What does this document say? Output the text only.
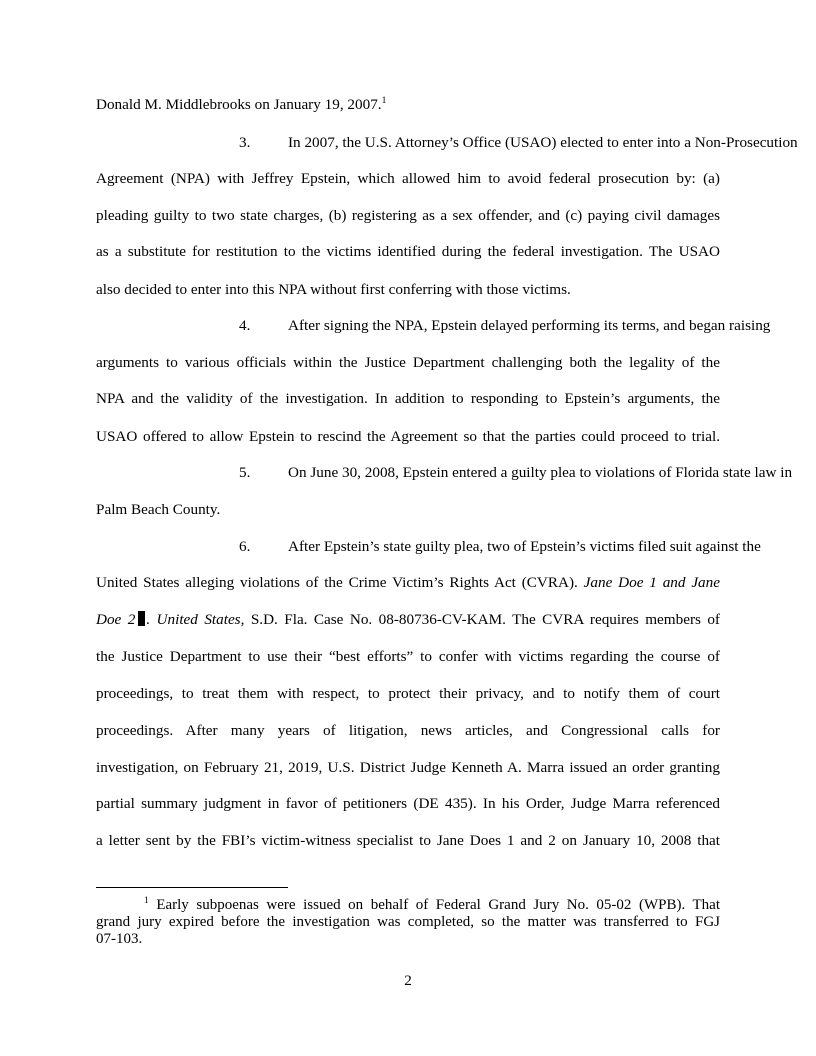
Donald M. Middlebrooks on January 19, 2007.$^1$
3.	In 2007, the U.S. Attorney’s Office (USAO) elected to enter into a Non-Prosecution
Agreement (NPA) with Jeffrey Epstein, which allowed him to avoid federal prosecution by: (a)
pleading guilty to two state charges, (b) registering as a sex offender, and (c) paying civil damages
as a substitute for restitution to the victims identified during the federal investigation. The USAO
also decided to enter into this NPA without first conferring with those victims.
4.	After signing the NPA, Epstein delayed performing its terms, and began raising
arguments to various officials within the Justice Department challenging both the legality of the
NPA and the validity of the investigation. In addition to responding to Epstein’s arguments, the
USAO offered to allow Epstein to rescind the Agreement so that the parties could proceed to trial.
5.	On June 30, 2008, Epstein entered a guilty plea to violations of Florida state law in
Palm Beach County.
6.	After Epstein’s state guilty plea, two of Epstein’s victims filed suit against the
United States alleging violations of the Crime Victim’s Rights Act (CVRA). Jane Doe 1 and Jane
Doe 2 . United States, S.D. Fla. Case No. 08-80736-CV-KAM. The CVRA requires members of
the Justice Department to use their “best efforts” to confer with victims regarding the course of
proceedings, to treat them with respect, to protect their privacy, and to notify them of court
proceedings. After many years of litigation, news articles, and Congressional calls for
investigation, on February 21, 2019, U.S. District Judge Kenneth A. Marra issued an order granting
partial summary judgment in favor of petitioners (DE 435). In his Order, Judge Marra referenced
a letter sent by the FBI’s victim-witness specialist to Jane Does 1 and 2 on January 10, 2008 that
$^1$ Early subpoenas were issued on behalf of Federal Grand Jury No. 05-02 (WPB). That
grand jury expired before the investigation was completed, so the matter was transferred to FGJ
07-103.
2
